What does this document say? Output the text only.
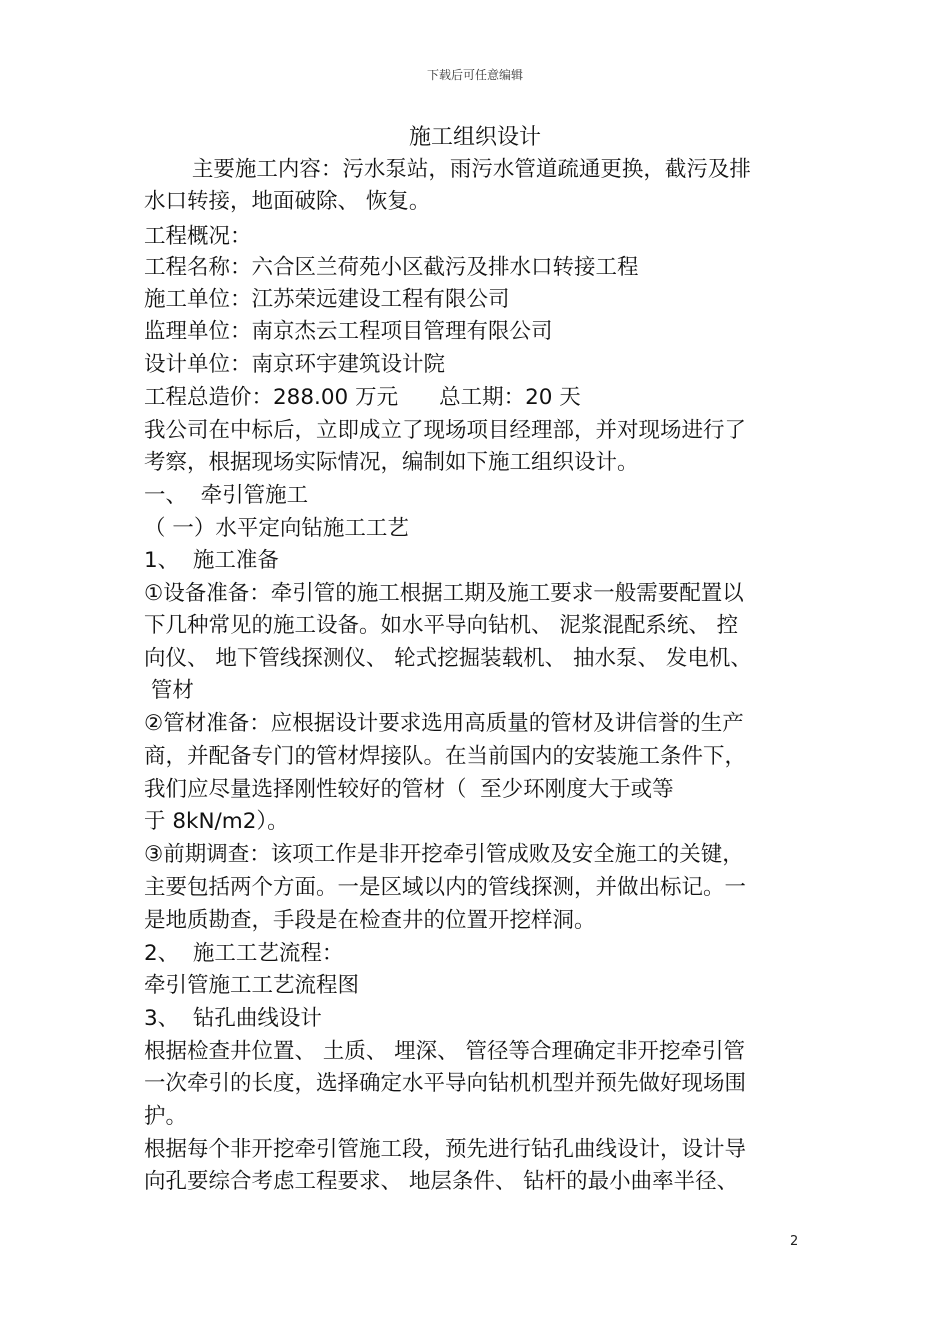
下载后可任意编辑
施工组织设计
主要施工内容：污水泵站，雨污水管道疏通更换，截污及排
水口转接，地面破除、 恢复。
工程概况：
工程名称：六合区兰荷苑小区截污及排水口转接工程
施工单位：江苏荣远建设工程有限公司
监理单位：南京杰云工程项目管理有限公司
设计单位：南京环宇建筑设计院
工程总造价：288.00 万元      总工期：20 天
我公司在中标后，立即成立了现场项目经理部，并对现场进行了
考察，根据现场实际情况，编制如下施工组织设计。
一、  牵引管施工
（ 一）水平定向钻施工工艺
1、  施工准备
①设备准备：牵引管的施工根据工期及施工要求一般需要配置以
下几种常见的施工设备。如水平导向钻机、 泥浆混配系统、 控
向仪、 地下管线探测仪、 轮式挖掘装载机、 抽水泵、 发电机、
管材
②管材准备：应根据设计要求选用高质量的管材及讲信誉的生产
商，并配备专门的管材焊接队。在当前国内的安装施工条件下，
我们应尽量选择刚性较好的管材（  至少环刚度大于或等
于 8kN/m2）。
③前期调查：该项工作是非开挖牵引管成败及安全施工的关键，
主要包括两个方面。一是区域以内的管线探测，并做出标记。一
是地质勘查，手段是在检查井的位置开挖样洞。
2、  施工工艺流程：
牵引管施工工艺流程图
3、  钻孔曲线设计
根据检查井位置、 土质、 埋深、 管径等合理确定非开挖牵引管
一次牵引的长度，选择确定水平导向钻机机型并预先做好现场围
护。
根据每个非开挖牵引管施工段，预先进行钻孔曲线设计，设计导
向孔要综合考虑工程要求、 地层条件、 钻杆的最小曲率半径、
2
